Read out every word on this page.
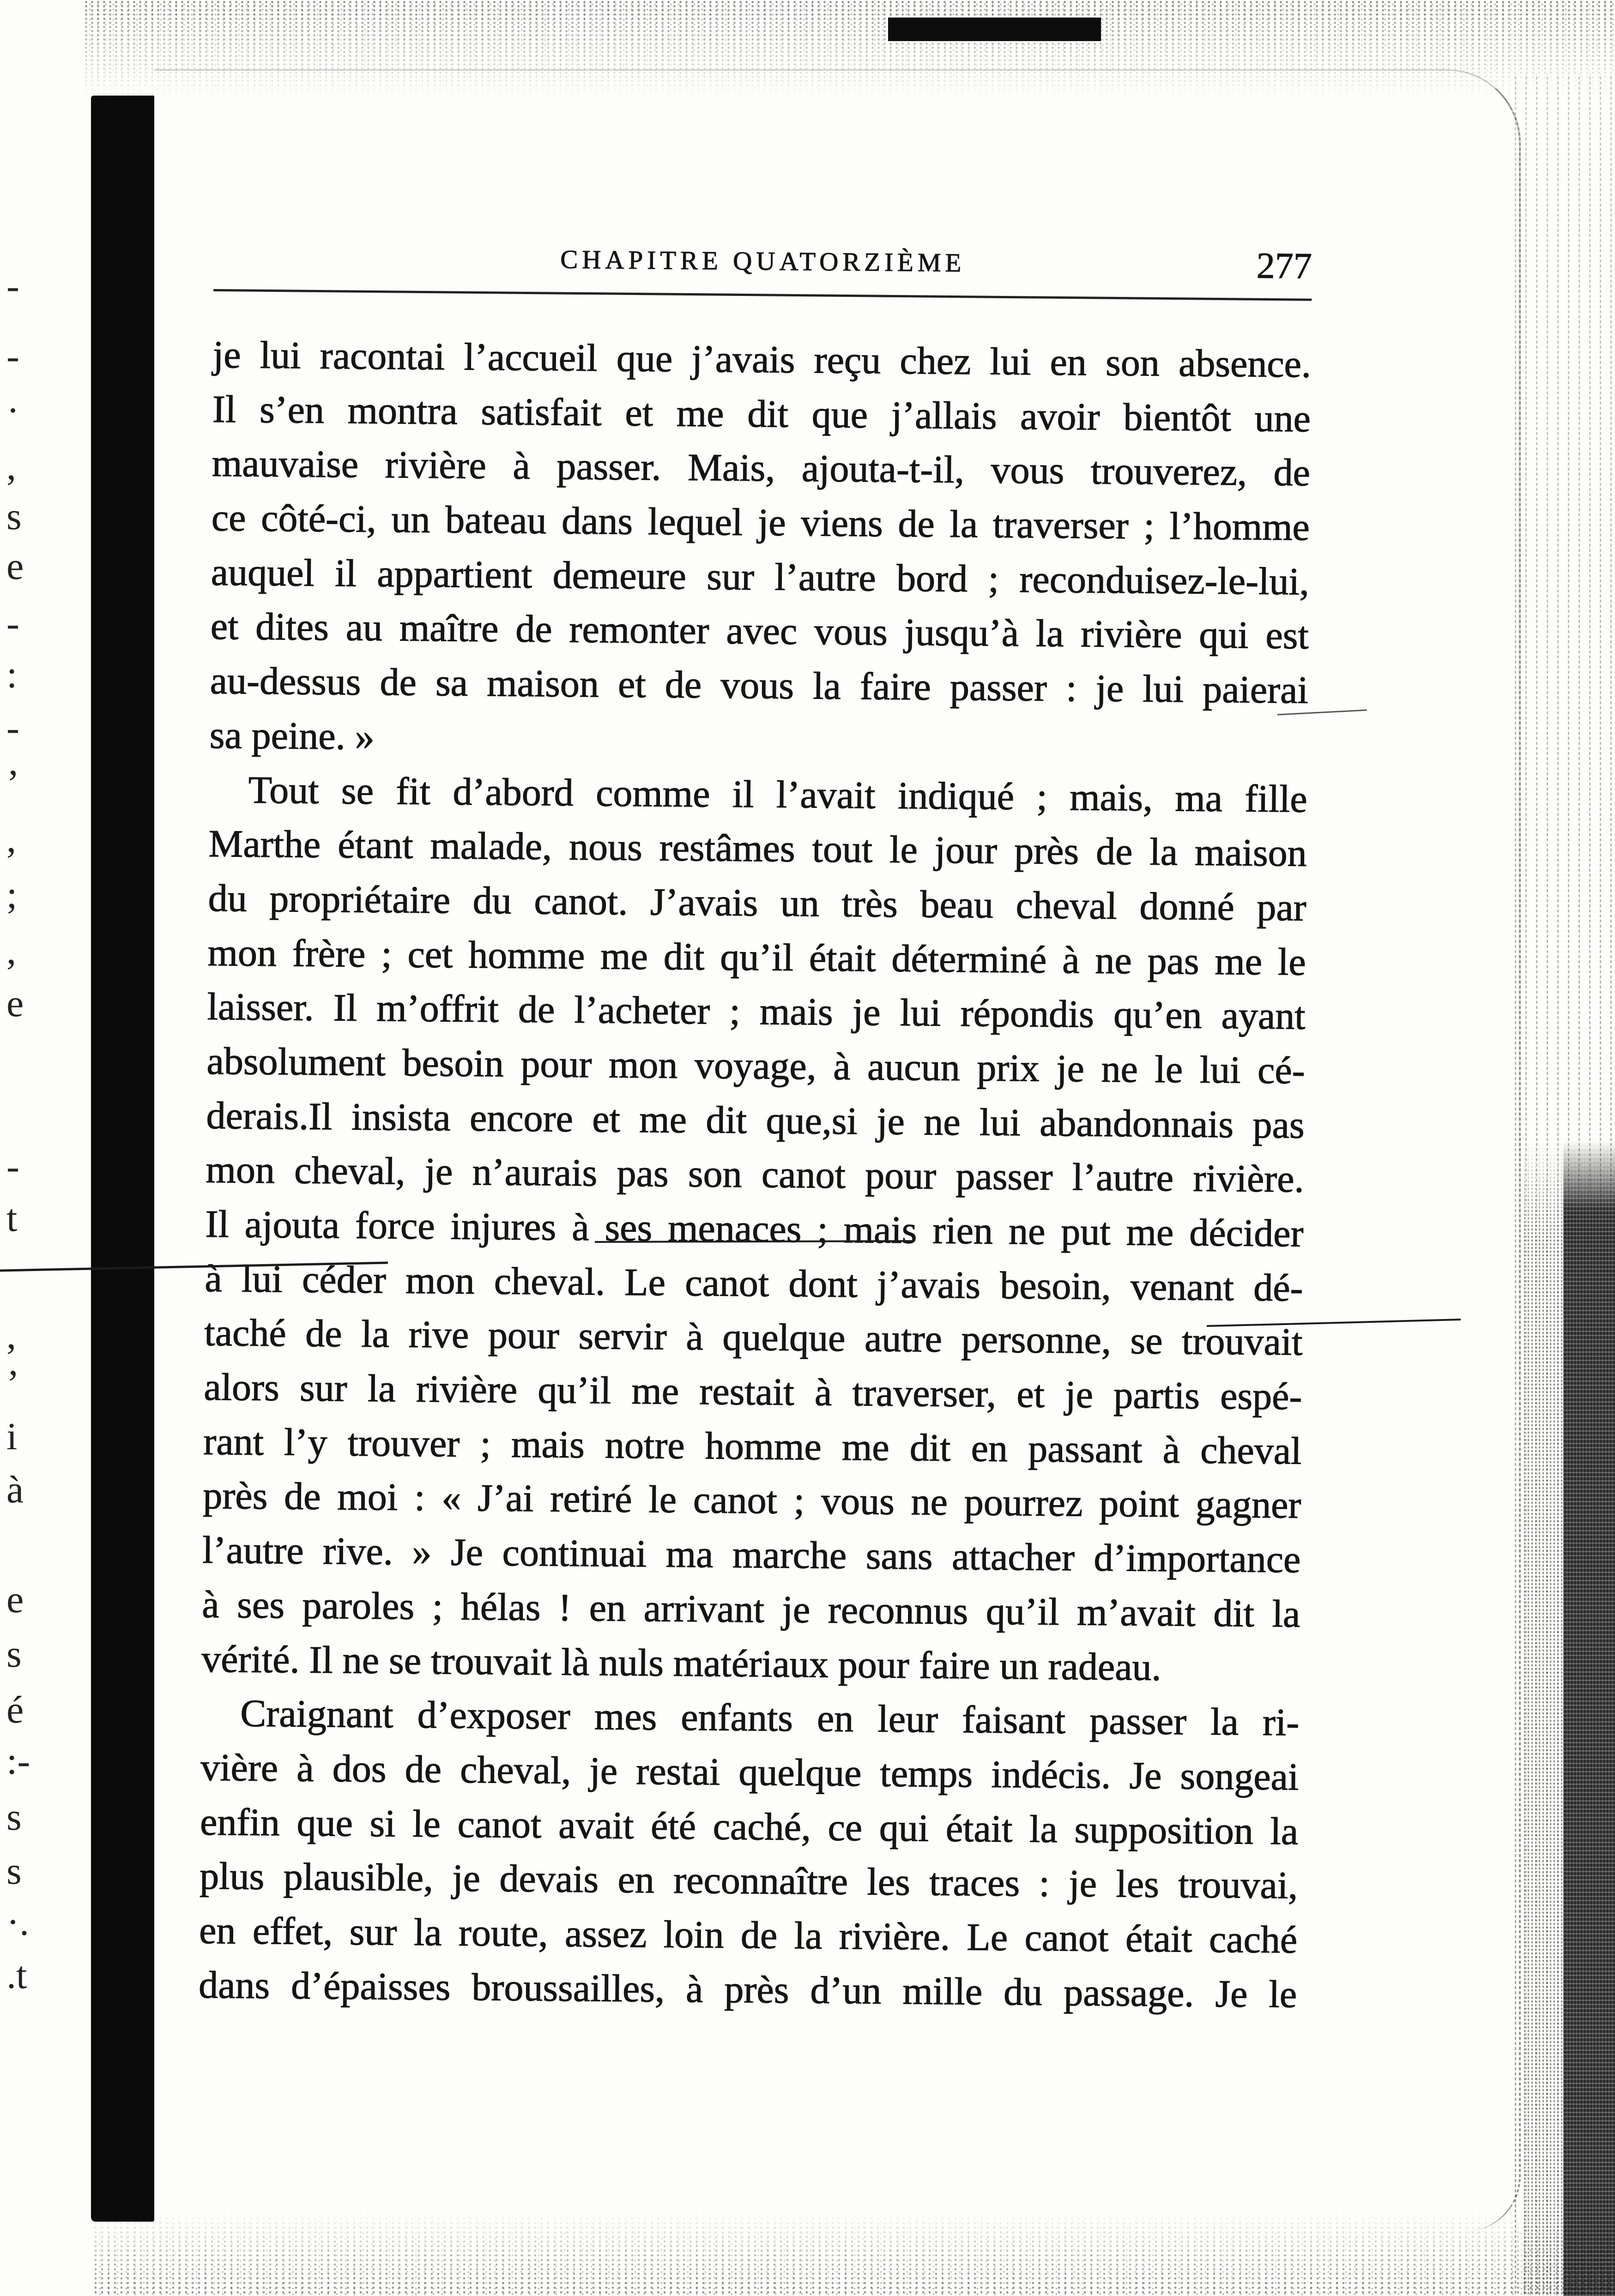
-
-
·
,
s
e
-
:
-
’
,
;
,
e
-
t
,
’
i
à
e
s
é
:-
s
s
·.
.t
CHAPITRE QUATORZIÈME	277
je lui racontai l’accueil que j’avais reçu chez lui en son absence.
Il s’en montra satisfait et me dit que j’allais avoir bientôt une
mauvaise rivière à passer. Mais, ajouta-t-il, vous trouverez, de
ce côté-ci, un bateau dans lequel je viens de la traverser ; l’homme
auquel il appartient demeure sur l’autre bord ; reconduisez-le-lui,
et dites au maître de remonter avec vous jusqu’à la rivière qui est
au-dessus de sa maison et de vous la faire passer : je lui paierai
sa peine. »
Tout se fit d’abord comme il l’avait indiqué ; mais, ma fille
Marthe étant malade, nous restâmes tout le jour près de la maison
du propriétaire du canot. J’avais un très beau cheval donné par
mon frère ; cet homme me dit qu’il était déterminé à ne pas me le
laisser. Il m’offrit de l’acheter ; mais je lui répondis qu’en ayant
absolument besoin pour mon voyage, à aucun prix je ne le lui cé-
derais.Il insista encore et me dit que,si je ne lui abandonnais pas
mon cheval, je n’aurais pas son canot pour passer l’autre rivière.
Il ajouta force injures à ses menaces ; mais rien ne put me décider
à lui céder mon cheval. Le canot dont j’avais besoin, venant dé-
taché de la rive pour servir à quelque autre personne, se trouvait
alors sur la rivière qu’il me restait à traverser, et je partis espé-
rant l’y trouver ; mais notre homme me dit en passant à cheval
près de moi : « J’ai retiré le canot ; vous ne pourrez point gagner
l’autre rive. » Je continuai ma marche sans attacher d’importance
à ses paroles ; hélas ! en arrivant je reconnus qu’il m’avait dit la
vérité. Il ne se trouvait là nuls matériaux pour faire un radeau.
Craignant d’exposer mes enfants en leur faisant passer la ri-
vière à dos de cheval, je restai quelque temps indécis. Je songeai
enfin que si le canot avait été caché, ce qui était la supposition la
plus plausible, je devais en reconnaître les traces : je les trouvai,
en effet, sur la route, assez loin de la rivière. Le canot était caché
dans d’épaisses broussailles, à près d’un mille du passage. Je le
